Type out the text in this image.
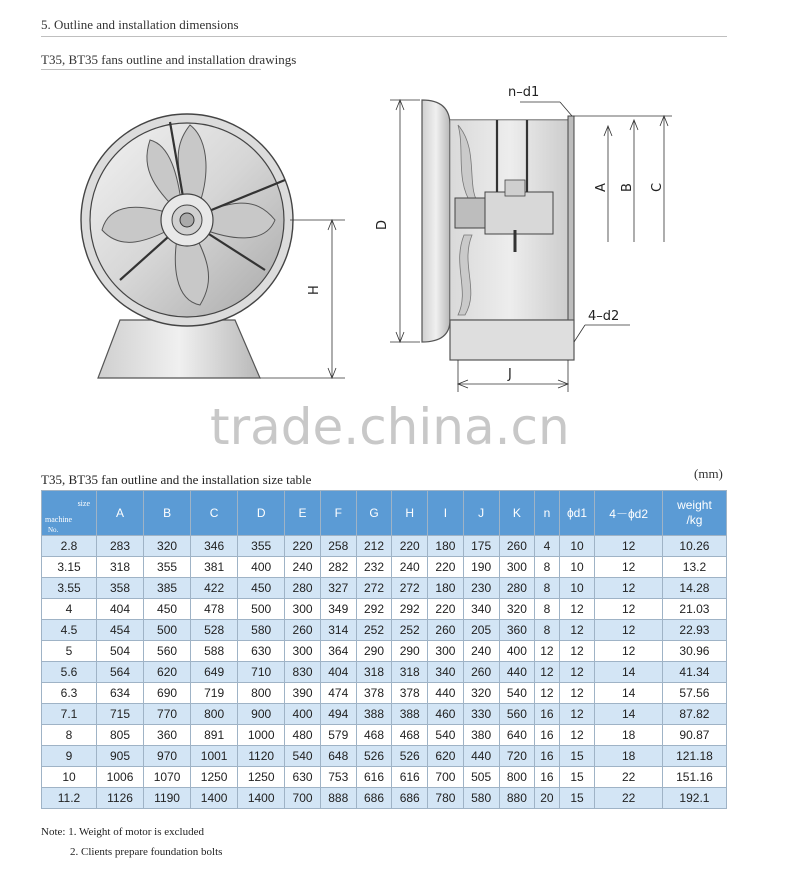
5. Outline and installation dimensions
T35, BT35 fans outline and installation drawings
H
D
n–d1
A B C
4–d2
J
trade.china.cn
T35, BT35 fan outline and the installation size table	(mm)
size
machine
No.	A	B	C	D	E	F	G	H	I	J	K	n	ϕd1	4－ϕd2	weight
/kg
2.8	283	320	346	355	220	258	212	220	180	175	260	4	10	12	10.26
3.15	318	355	381	400	240	282	232	240	220	190	300	8	10	12	13.2
3.55	358	385	422	450	280	327	272	272	180	230	280	8	10	12	14.28
4	404	450	478	500	300	349	292	292	220	340	320	8	12	12	21.03
4.5	454	500	528	580	260	314	252	252	260	205	360	8	12	12	22.93
5	504	560	588	630	300	364	290	290	300	240	400	12	12	12	30.96
5.6	564	620	649	710	830	404	318	318	340	260	440	12	12	14	41.34
6.3	634	690	719	800	390	474	378	378	440	320	540	12	12	14	57.56
7.1	715	770	800	900	400	494	388	388	460	330	560	16	12	14	87.82
8	805	360	891	1000	480	579	468	468	540	380	640	16	12	18	90.87
9	905	970	1001	1120	540	648	526	526	620	440	720	16	15	18	121.18
10	1006	1070	1250	1250	630	753	616	616	700	505	800	16	15	22	151.16
11.2	1126	1190	1400	1400	700	888	686	686	780	580	880	20	15	22	192.1
Note: 1. Weight of motor is excluded
2. Clients prepare foundation bolts
